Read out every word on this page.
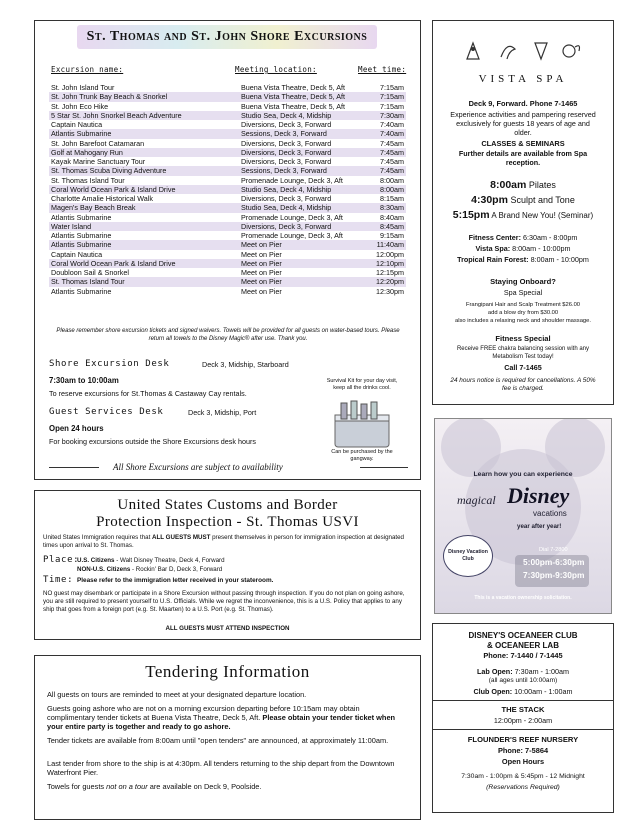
St. Thomas and St. John Shore Excursions
Excursion name:	Meeting location:	Meet time:
St. John Island Tour	Buena Vista Theatre, Deck 5, Aft	7:15am
St. John Trunk Bay Beach & Snorkel	Buena Vista Theatre, Deck 5, Aft	7:15am
St. John Eco Hike	Buena Vista Theatre, Deck 5, Aft	7:15am
5 Star St. John Snorkel Beach Adventure	Studio Sea, Deck 4, Midship	7:30am
Captain Nautica	Diversions, Deck 3, Forward	7:40am
Atlantis Submarine	Sessions, Deck 3, Forward	7:40am
St. John Barefoot Catamaran	Diversions, Deck 3, Forward	7:45am
Golf at Mahogany Run	Diversions, Deck 3, Forward	7:45am
Kayak Marine Sanctuary Tour	Diversions, Deck 3, Forward	7:45am
St. Thomas Scuba Diving Adventure	Sessions, Deck 3, Forward	7:45am
St. Thomas Island Tour	Promenade Lounge, Deck 3, Aft	8:00am
Coral World Ocean Park & Island Drive	Studio Sea, Deck 4, Midship	8:00am
Charlotte Amalie Historical Walk	Diversions, Deck 3, Forward	8:15am
Magen's Bay Beach Break	Studio Sea, Deck 4, Midship	8:30am
Atlantis Submarine	Promenade Lounge, Deck 3, Aft	8:40am
Water Island	Diversions, Deck 3, Forward	8:45am
Atlantis Submarine	Promenade Lounge, Deck 3, Aft	9:15am
Atlantis Submarine	Meet on Pier	11:40am
Captain Nautica	Meet on Pier	12:00pm
Coral World Ocean Park & Island Drive	Meet on Pier	12:10pm
Doubloon Sail & Snorkel	Meet on Pier	12:15pm
St. Thomas Island Tour	Meet on Pier	12:20pm
Atlantis Submarine	Meet on Pier	12:30pm
Please remember shore excursion tickets and signed waivers. Towels will be provided for all guests on water-based tours. Please return all towels to the Disney Magic® after use. Thank you.
Shore Excursion Desk	Deck 3, Midship, Starboard
7:30am to 10:00am
To reserve excursions for St.Thomas & Castaway Cay rentals.
Guest Services Desk	Deck 3, Midship, Port
Open 24 hours
For booking excursions outside the Shore Excursions desk hours
Survival Kit for your day visit, keep all the drinks cool.
Can be purchased by the gangway.
All Shore Excursions are subject to availability
United States Customs and Border
Protection Inspection - St. Thomas USVI
United States Immigration requires that ALL GUESTS MUST present themselves in person for immigration inspection at designated times upon arrival to St. Thomas.
Place:
U.S. Citizens - Walt Disney Theatre, Deck 4, Forward
NON-U.S. Citizens - Rockin' Bar D, Deck 3, Forward
Time: Please refer to the immigration letter received in your stateroom.
NO guest may disembark or participate in a Shore Excursion without passing through inspection. If you do not plan on going ashore, you are still required to present yourself to U.S. Officials. While we regret the inconvenience, this is a U.S. Policy that applies to any ship that goes from a foreign port (e.g. St. Maarten) to a U.S. Port (e.g. St. Thomas).
ALL GUESTS MUST ATTEND INSPECTION
Tendering Information
All guests on tours are reminded to meet at your designated departure location.
Guests going ashore who are not on a morning excursion departing before 10:15am may obtain complimentary tender tickets at Buena Vista Theatre, Deck 5, Aft. Please obtain your tender ticket when your entire party is together and ready to go ashore.
Tender tickets are available from 8:00am until "open tenders" are announced, at approximately 11:00am.
Last tender from shore to the ship is at 4:30pm. All tenders returning to the ship depart from the Downtown Waterfront Pier.
Towels for guests not on a tour are available on Deck 9, Poolside.
VISTA SPA
Deck 9, Forward. Phone 7-1465
Experience activities and pampering reserved exclusively for guests 18 years of age and older.
CLASSES & SEMINARS
Further details are available from Spa reception.
8:00am Pilates
4:30pm Sculpt and Tone
5:15pm A Brand New You! (Seminar)
Fitness Center: 6:30am - 8:00pm
Vista Spa: 8:00am - 10:00pm
Tropical Rain Forest: 8:00am - 10:00pm
Staying Onboard?
Spa Special
Frangipani Hair and Scalp Treatment $26.00
add a blow dry from $30.00
also includes a relaxing neck and shoulder massage.
Fitness Special
Receive FREE chakra balancing session with any Metabolism Test today!
Call 7-1465
24 hours notice is required for cancellations. A 50% fee is charged.
Learn how you can experience
magical Disney
vacations
year after year!
Disney Vacation Club
Dial 7-2800
5:00pm-6:30pm
7:30pm-9:30pm
This is a vacation ownership solicitation.
DISNEY'S OCEANEER CLUB
& OCEANEER LAB
Phone: 7-1440 / 7-1445
Lab Open: 7:30am - 1:00am
(all ages until 10:00am)
Club Open: 10:00am - 1:00am
THE STACK
12:00pm - 2:00am
FLOUNDER'S REEF NURSERY
Phone: 7-5864
Open Hours
7:30am - 1:00pm & 5:45pm - 12 Midnight
(Reservations Required)
